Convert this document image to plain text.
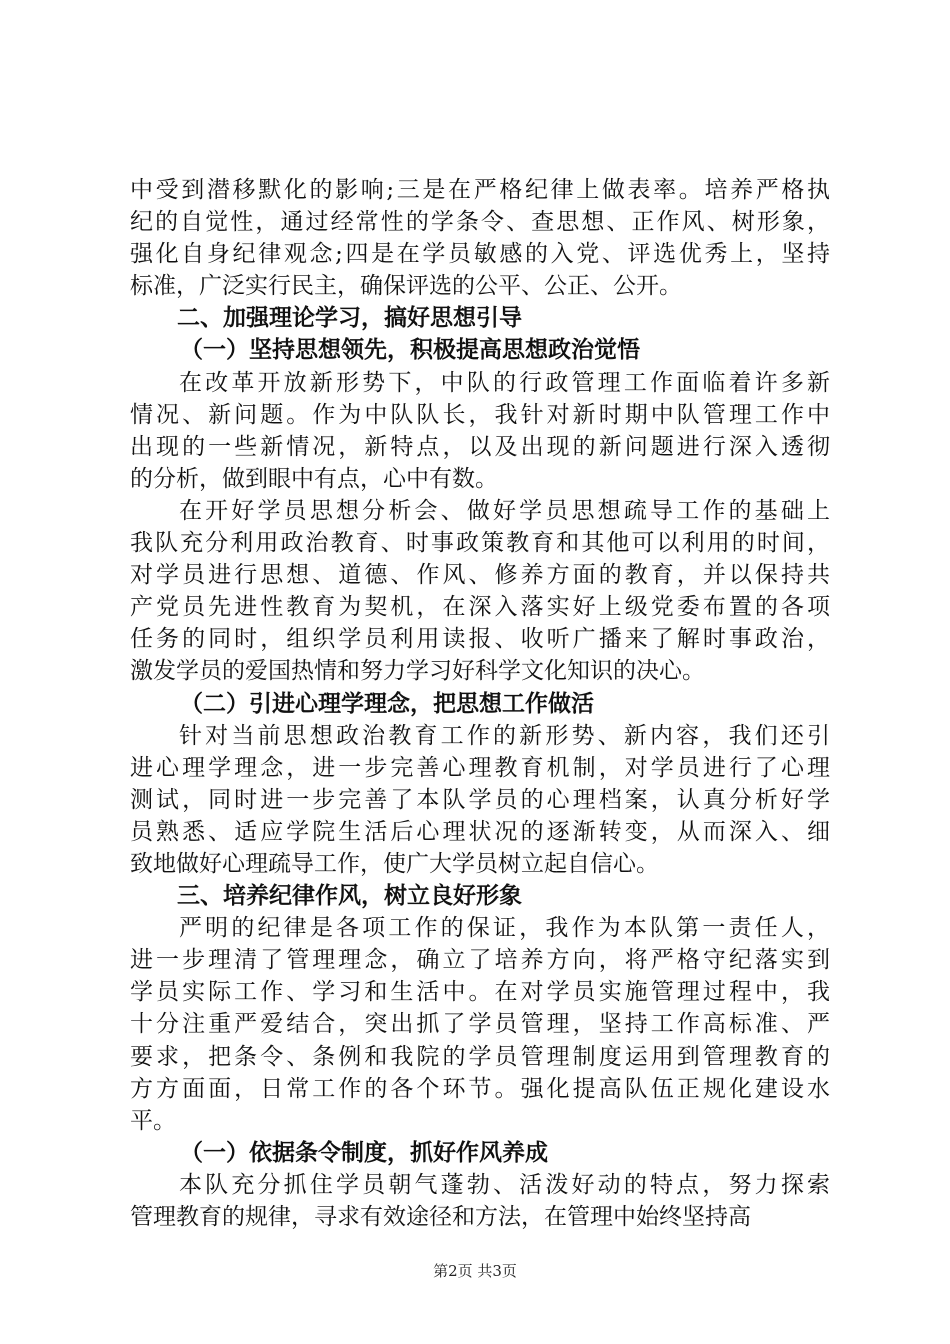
中受到潜移默化的影响;三是在严格纪律上做表率。培养严格执
纪的自觉性，通过经常性的学条令、查思想、正作风、树形象，
强化自身纪律观念;四是在学员敏感的入党、评选优秀上，坚持
标准，广泛实行民主，确保评选的公平、公正、公开。
二、加强理论学习，搞好思想引导
（一）坚持思想领先，积极提高思想政治觉悟
在改革开放新形势下，中队的行政管理工作面临着许多新
情况、新问题。作为中队队长，我针对新时期中队管理工作中
出现的一些新情况，新特点，以及出现的新问题进行深入透彻
的分析，做到眼中有点，心中有数。
在开好学员思想分析会、做好学员思想疏导工作的基础上
我队充分利用政治教育、时事政策教育和其他可以利用的时间，
对学员进行思想、道德、作风、修养方面的教育，并以保持共
产党员先进性教育为契机，在深入落实好上级党委布置的各项
任务的同时，组织学员利用读报、收听广播来了解时事政治，
激发学员的爱国热情和努力学习好科学文化知识的决心。
（二）引进心理学理念，把思想工作做活
针对当前思想政治教育工作的新形势、新内容，我们还引
进心理学理念，进一步完善心理教育机制，对学员进行了心理
测试，同时进一步完善了本队学员的心理档案，认真分析好学
员熟悉、适应学院生活后心理状况的逐渐转变，从而深入、细
致地做好心理疏导工作，使广大学员树立起自信心。
三、培养纪律作风，树立良好形象
严明的纪律是各项工作的保证，我作为本队第一责任人，
进一步理清了管理理念，确立了培养方向，将严格守纪落实到
学员实际工作、学习和生活中。在对学员实施管理过程中，我
十分注重严爱结合，突出抓了学员管理，坚持工作高标准、严
要求，把条令、条例和我院的学员管理制度运用到管理教育的
方方面面，日常工作的各个环节。强化提高队伍正规化建设水
平。
（一）依据条令制度，抓好作风养成
本队充分抓住学员朝气蓬勃、活泼好动的特点，努力探索
管理教育的规律，寻求有效途径和方法，在管理中始终坚持高
第2页 共3页
